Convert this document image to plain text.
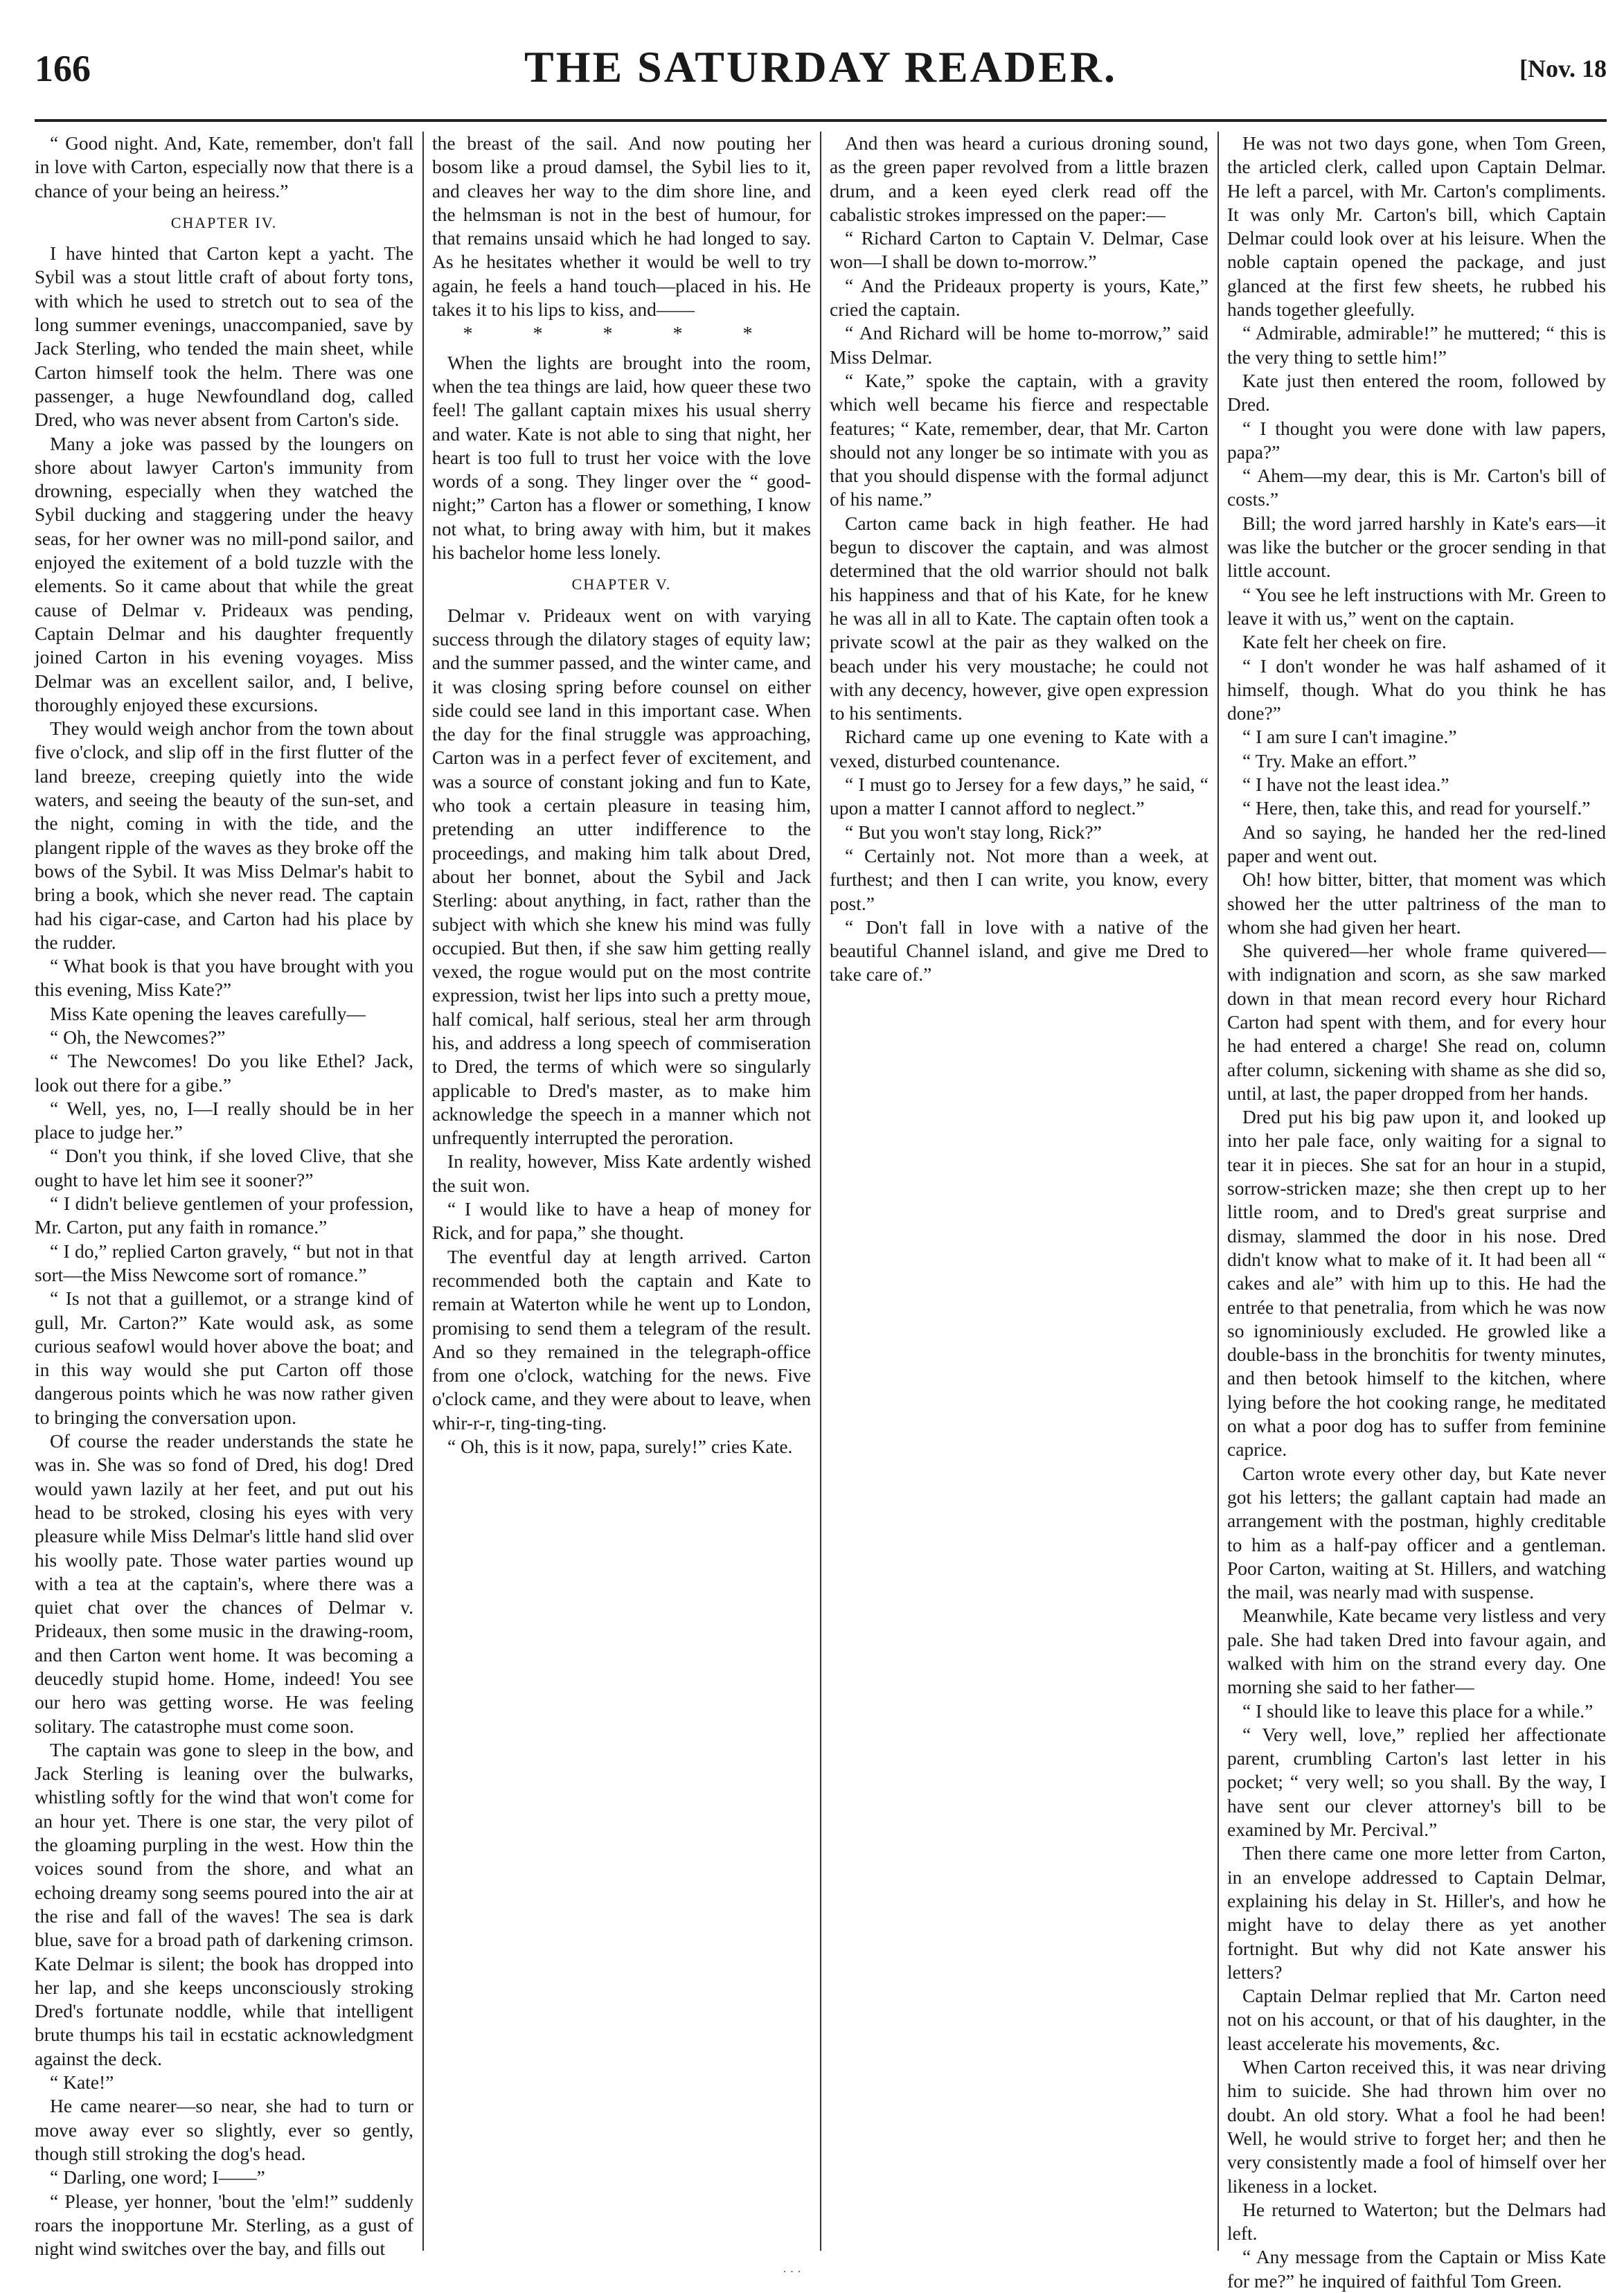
166	THE SATURDAY READER.	[Nov. 18

“ Good night. And, Kate, remember, don't fall in love with Carton, especially now that there is a chance of your being an heiress.”

CHAPTER IV.

I have hinted that Carton kept a yacht. The Sybil was a stout little craft of about forty tons, with which he used to stretch out to sea of the long summer evenings, unaccompanied, save by Jack Sterling, who tended the main sheet, while Carton himself took the helm. There was one passenger, a huge Newfoundland dog, called Dred, who was never absent from Carton's side.

Many a joke was passed by the loungers on shore about lawyer Carton's immunity from drowning, especially when they watched the Sybil ducking and staggering under the heavy seas, for her owner was no mill-pond sailor, and enjoyed the exitement of a bold tuzzle with the elements. So it came about that while the great cause of Delmar v. Prideaux was pending, Captain Delmar and his daughter frequently joined Carton in his evening voyages. Miss Delmar was an excellent sailor, and, I belive, thoroughly enjoyed these excursions.

They would weigh anchor from the town about five o'clock, and slip off in the first flutter of the land breeze, creeping quietly into the wide waters, and seeing the beauty of the sun-set, and the night, coming in with the tide, and the plangent ripple of the waves as they broke off the bows of the Sybil. It was Miss Delmar's habit to bring a book, which she never read. The captain had his cigar-case, and Carton had his place by the rudder.

“ What book is that you have brought with you this evening, Miss Kate?”

Miss Kate opening the leaves carefully—

“ Oh, the Newcomes?”

“ The Newcomes! Do you like Ethel? Jack, look out there for a gibe.”

“ Well, yes, no, I—I really should be in her place to judge her.”

“ Don't you think, if she loved Clive, that she ought to have let him see it sooner?”

“ I didn't believe gentlemen of your profession, Mr. Carton, put any faith in romance.”

“ I do,” replied Carton gravely, “ but not in that sort—the Miss Newcome sort of romance.”

“ Is not that a guillemot, or a strange kind of gull, Mr. Carton?” Kate would ask, as some curious seafowl would hover above the boat; and in this way would she put Carton off those dangerous points which he was now rather given to bringing the conversation upon.

Of course the reader understands the state he was in. She was so fond of Dred, his dog! Dred would yawn lazily at her feet, and put out his head to be stroked, closing his eyes with very pleasure while Miss Delmar's little hand slid over his woolly pate. Those water parties wound up with a tea at the captain's, where there was a quiet chat over the chances of Delmar v. Prideaux, then some music in the drawing-room, and then Carton went home. It was becoming a deucedly stupid home. Home, indeed! You see our hero was getting worse. He was feeling solitary. The catastrophe must come soon.

The captain was gone to sleep in the bow, and Jack Sterling is leaning over the bulwarks, whistling softly for the wind that won't come for an hour yet. There is one star, the very pilot of the gloaming purpling in the west. How thin the voices sound from the shore, and what an echoing dreamy song seems poured into the air at the rise and fall of the waves! The sea is dark blue, save for a broad path of darkening crimson. Kate Delmar is silent; the book has dropped into her lap, and she keeps unconsciously stroking Dred's fortunate noddle, while that intelligent brute thumps his tail in ecstatic acknowledgment against the deck.

“ Kate!”

He came nearer—so near, she had to turn or move away ever so slightly, ever so gently, though still stroking the dog's head.

“ Darling, one word; I——”

“ Please, yer honner, 'bout the 'elm!” suddenly roars the inopportune Mr. Sterling, as a gust of night wind switches over the bay, and fills out

the breast of the sail. And now pouting her bosom like a proud damsel, the Sybil lies to it, and cleaves her way to the dim shore line, and the helmsman is not in the best of humour, for that remains unsaid which he had longed to say. As he hesitates whether it would be well to try again, he feels a hand touch—placed in his. He takes it to his lips to kiss, and——

* * * * *

When the lights are brought into the room, when the tea things are laid, how queer these two feel! The gallant captain mixes his usual sherry and water. Kate is not able to sing that night, her heart is too full to trust her voice with the love words of a song. They linger over the “ good-night;” Carton has a flower or something, I know not what, to bring away with him, but it makes his bachelor home less lonely.

CHAPTER V.

Delmar v. Prideaux went on with varying success through the dilatory stages of equity law; and the summer passed, and the winter came, and it was closing spring before counsel on either side could see land in this important case. When the day for the final struggle was approaching, Carton was in a perfect fever of excitement, and was a source of constant joking and fun to Kate, who took a certain pleasure in teasing him, pretending an utter indifference to the proceedings, and making him talk about Dred, about her bonnet, about the Sybil and Jack Sterling: about anything, in fact, rather than the subject with which she knew his mind was fully occupied. But then, if she saw him getting really vexed, the rogue would put on the most contrite expression, twist her lips into such a pretty moue, half comical, half serious, steal her arm through his, and address a long speech of commiseration to Dred, the terms of which were so singularly applicable to Dred's master, as to make him acknowledge the speech in a manner which not unfrequently interrupted the peroration.

In reality, however, Miss Kate ardently wished the suit won.

“ I would like to have a heap of money for Rick, and for papa,” she thought.

The eventful day at length arrived. Carton recommended both the captain and Kate to remain at Waterton while he went up to London, promising to send them a telegram of the result. And so they remained in the telegraph-office from one o'clock, watching for the news. Five o'clock came, and they were about to leave, when whir-r-r, ting-ting-ting.

“ Oh, this is it now, papa, surely!” cries Kate.

And then was heard a curious droning sound, as the green paper revolved from a little brazen drum, and a keen eyed clerk read off the cabalistic strokes impressed on the paper:—

“ Richard Carton to Captain V. Delmar, Case won—I shall be down to-morrow.”

“ And the Prideaux property is yours, Kate,” cried the captain.

“ And Richard will be home to-morrow,” said Miss Delmar.

“ Kate,” spoke the captain, with a gravity which well became his fierce and respectable features; “ Kate, remember, dear, that Mr. Carton should not any longer be so intimate with you as that you should dispense with the formal adjunct of his name.”

Carton came back in high feather. He had begun to discover the captain, and was almost determined that the old warrior should not balk his happiness and that of his Kate, for he knew he was all in all to Kate. The captain often took a private scowl at the pair as they walked on the beach under his very moustache; he could not with any decency, however, give open expression to his sentiments.

Richard came up one evening to Kate with a vexed, disturbed countenance.

“ I must go to Jersey for a few days,” he said, “ upon a matter I cannot afford to neglect.”

“ But you won't stay long, Rick?”

“ Certainly not. Not more than a week, at furthest; and then I can write, you know, every post.”

“ Don't fall in love with a native of the beautiful Channel island, and give me Dred to take care of.”

He was not two days gone, when Tom Green, the articled clerk, called upon Captain Delmar. He left a parcel, with Mr. Carton's compliments. It was only Mr. Carton's bill, which Captain Delmar could look over at his leisure. When the noble captain opened the package, and just glanced at the first few sheets, he rubbed his hands together gleefully.

“ Admirable, admirable!” he muttered; “ this is the very thing to settle him!”

Kate just then entered the room, followed by Dred.

“ I thought you were done with law papers, papa?”

“ Ahem—my dear, this is Mr. Carton's bill of costs.”

Bill; the word jarred harshly in Kate's ears—it was like the butcher or the grocer sending in that little account.

“ You see he left instructions with Mr. Green to leave it with us,” went on the captain.

Kate felt her cheek on fire.

“ I don't wonder he was half ashamed of it himself, though. What do you think he has done?”

“ I am sure I can't imagine.”

“ Try. Make an effort.”

“ I have not the least idea.”

“ Here, then, take this, and read for yourself.”

And so saying, he handed her the red-lined paper and went out.

Oh! how bitter, bitter, that moment was which showed her the utter paltriness of the man to whom she had given her heart.

She quivered—her whole frame quivered—with indignation and scorn, as she saw marked down in that mean record every hour Richard Carton had spent with them, and for every hour he had entered a charge! She read on, column after column, sickening with shame as she did so, until, at last, the paper dropped from her hands.

Dred put his big paw upon it, and looked up into her pale face, only waiting for a signal to tear it in pieces. She sat for an hour in a stupid, sorrow-stricken maze; she then crept up to her little room, and to Dred's great surprise and dismay, slammed the door in his nose. Dred didn't know what to make of it. It had been all “ cakes and ale” with him up to this. He had the entrée to that penetralia, from which he was now so ignominiously excluded. He growled like a double-bass in the bronchitis for twenty minutes, and then betook himself to the kitchen, where lying before the hot cooking range, he meditated on what a poor dog has to suffer from feminine caprice.

Carton wrote every other day, but Kate never got his letters; the gallant captain had made an arrangement with the postman, highly creditable to him as a half-pay officer and a gentleman. Poor Carton, waiting at St. Hillers, and watching the mail, was nearly mad with suspense.

Meanwhile, Kate became very listless and very pale. She had taken Dred into favour again, and walked with him on the strand every day. One morning she said to her father—

“ I should like to leave this place for a while.”

“ Very well, love,” replied her affectionate parent, crumbling Carton's last letter in his pocket; “ very well; so you shall. By the way, I have sent our clever attorney's bill to be examined by Mr. Percival.”

Then there came one more letter from Carton, in an envelope addressed to Captain Delmar, explaining his delay in St. Hiller's, and how he might have to delay there as yet another fortnight. But why did not Kate answer his letters?

Captain Delmar replied that Mr. Carton need not on his account, or that of his daughter, in the least accelerate his movements, &c.

When Carton received this, it was near driving him to suicide. She had thrown him over no doubt. An old story. What a fool he had been! Well, he would strive to forget her; and then he very consistently made a fool of himself over her likeness in a locket.

He returned to Waterton; but the Delmars had left.

“ Any message from the Captain or Miss Kate for me?” he inquired of faithful Tom Green.

· · ·
